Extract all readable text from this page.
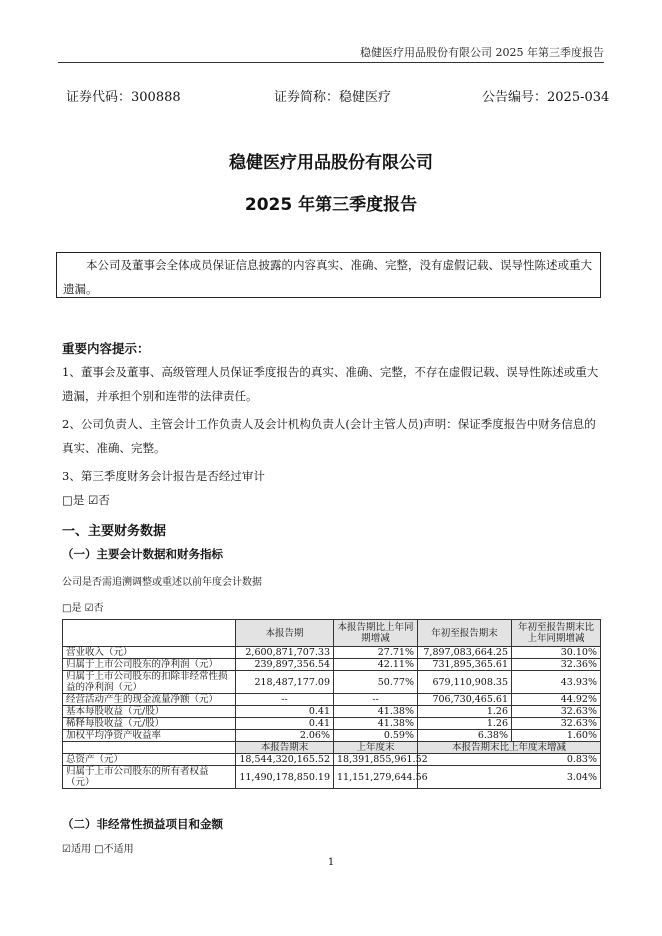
稳健医疗用品股份有限公司 2025 年第三季度报告
证券代码：300888	证券简称：稳健医疗	公告编号：2025-034
稳健医疗用品股份有限公司
2025 年第三季度报告
本公司及董事会全体成员保证信息披露的内容真实、准确、完整，没有虚假记载、误导性陈述或重大遗漏。
重要内容提示：
1、董事会及董事、高级管理人员保证季度报告的真实、准确、完整，不存在虚假记载、误导性陈述或重大遗漏，并承担个别和连带的法律责任。
2、公司负责人、主管会计工作负责人及会计机构负责人(会计主管人员)声明：保证季度报告中财务信息的真实、准确、完整。
3、第三季度财务会计报告是否经过审计
□是 ☑否
一、主要财务数据
（一）主要会计数据和财务指标
公司是否需追溯调整或重述以前年度会计数据
□是 ☑否
	本报告期	本报告期比上年同期增减	年初至报告期末	年初至报告期末比上年同期增减
营业收入（元）	2,600,871,707.33	27.71%	7,897,083,664.25	30.10%
归属于上市公司股东的净利润（元）	239,897,356.54	42.11%	731,895,365.61	32.36%
归属于上市公司股东的扣除非经常性损益的净利润（元）	218,487,177.09	50.77%	679,110,908.35	43.93%
经营活动产生的现金流量净额（元）	--	--	706,730,465.61	44.92%
基本每股收益（元/股）	0.41	41.38%	1.26	32.63%
稀释每股收益（元/股）	0.41	41.38%	1.26	32.63%
加权平均净资产收益率	2.06%	0.59%	6.38%	1.60%
	本报告期末	上年度末	本报告期末比上年度末增减	
总资产（元）	18,544,320,165.52	18,391,855,961.52	0.83%	
归属于上市公司股东的所有者权益（元）	11,490,178,850.19	11,151,279,644.56	3.04%	
（二）非经常性损益项目和金额
☑适用 □不适用
1
